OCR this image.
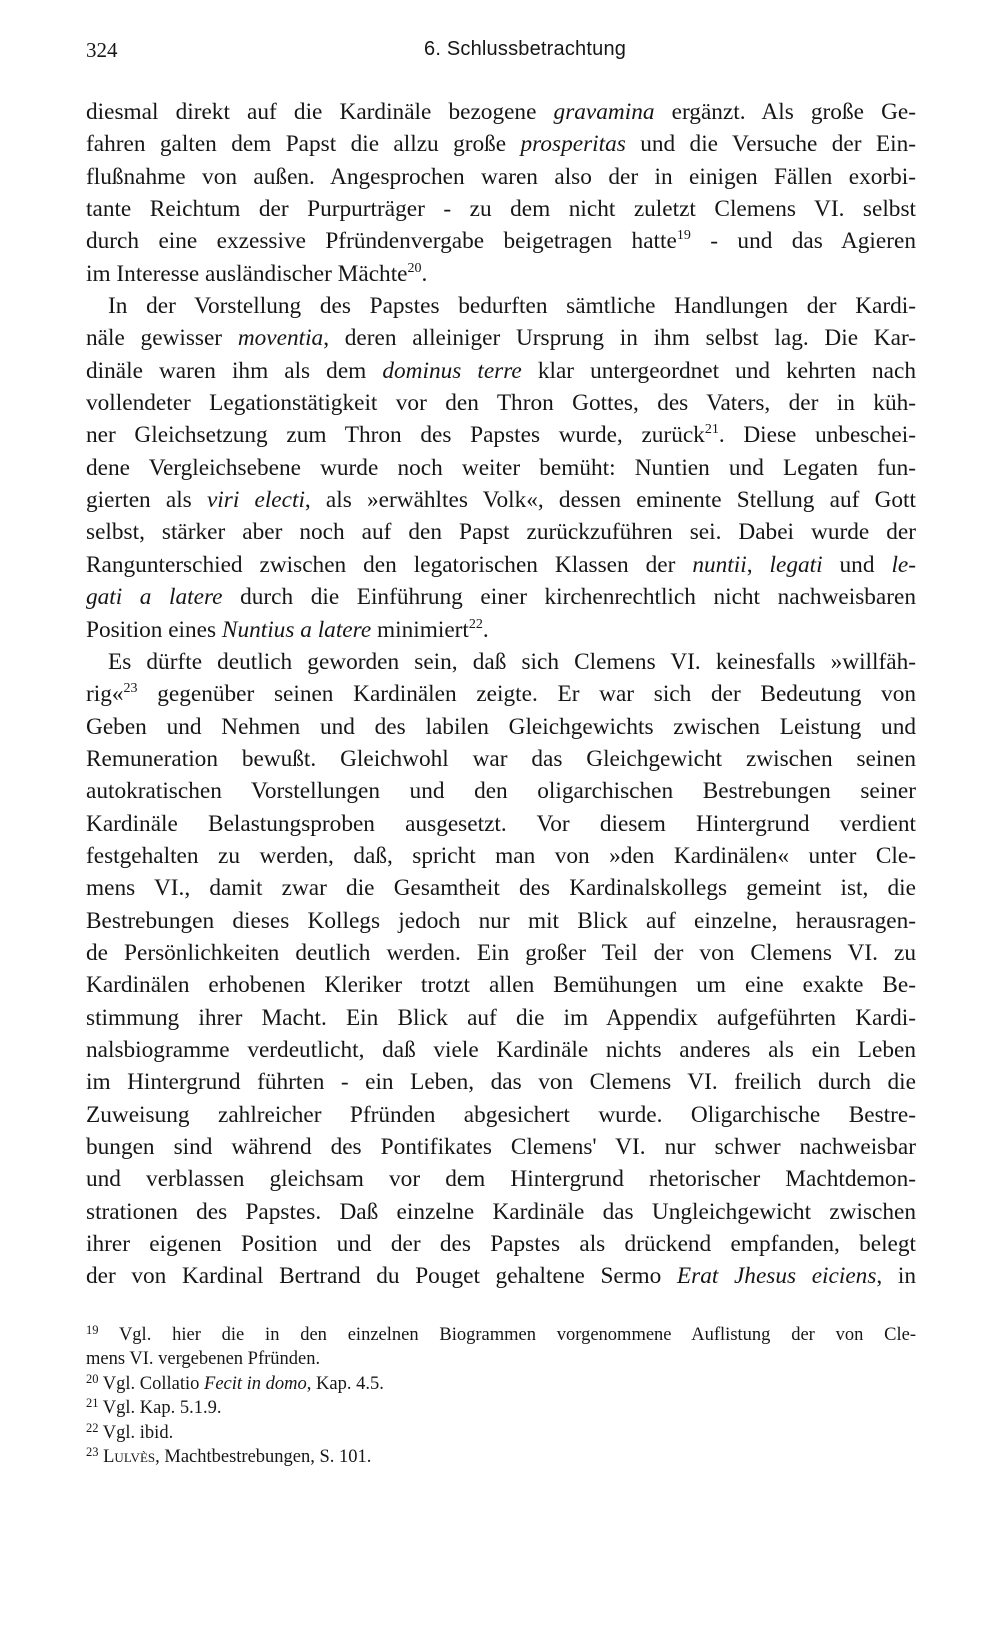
324	6. Schlussbetrachtung
diesmal direkt auf die Kardinäle bezogene gravamina ergänzt. Als große Ge-
fahren galten dem Papst die allzu große prosperitas und die Versuche der Ein-
flußnahme von außen. Angesprochen waren also der in einigen Fällen exorbi-
tante Reichtum der Purpurträger - zu dem nicht zuletzt Clemens VI. selbst
durch eine exzessive Pfründenvergabe beigetragen hatte$^{19}$ - und das Agieren
im Interesse ausländischer Mächte$^{20}$.
In der Vorstellung des Papstes bedurften sämtliche Handlungen der Kardi-
näle gewisser moventia, deren alleiniger Ursprung in ihm selbst lag. Die Kar-
dinäle waren ihm als dem dominus terre klar untergeordnet und kehrten nach
vollendeter Legationstätigkeit vor den Thron Gottes, des Vaters, der in küh-
ner Gleichsetzung zum Thron des Papstes wurde, zurück$^{21}$. Diese unbeschei-
dene Vergleichsebene wurde noch weiter bemüht: Nuntien und Legaten fun-
gierten als viri electi, als »erwähltes Volk«, dessen eminente Stellung auf Gott
selbst, stärker aber noch auf den Papst zurückzuführen sei. Dabei wurde der
Rangunterschied zwischen den legatorischen Klassen der nuntii, legati und le-
gati a latere durch die Einführung einer kirchenrechtlich nicht nachweisbaren
Position eines Nuntius a latere minimiert$^{22}$.
Es dürfte deutlich geworden sein, daß sich Clemens VI. keinesfalls »willfäh-
rig«$^{23}$ gegenüber seinen Kardinälen zeigte. Er war sich der Bedeutung von
Geben und Nehmen und des labilen Gleichgewichts zwischen Leistung und
Remuneration bewußt. Gleichwohl war das Gleichgewicht zwischen seinen
autokratischen Vorstellungen und den oligarchischen Bestrebungen seiner
Kardinäle Belastungsproben ausgesetzt. Vor diesem Hintergrund verdient
festgehalten zu werden, daß, spricht man von »den Kardinälen« unter Cle-
mens VI., damit zwar die Gesamtheit des Kardinalskollegs gemeint ist, die
Bestrebungen dieses Kollegs jedoch nur mit Blick auf einzelne, herausragen-
de Persönlichkeiten deutlich werden. Ein großer Teil der von Clemens VI. zu
Kardinälen erhobenen Kleriker trotzt allen Bemühungen um eine exakte Be-
stimmung ihrer Macht. Ein Blick auf die im Appendix aufgeführten Kardi-
nalsbiogramme verdeutlicht, daß viele Kardinäle nichts anderes als ein Leben
im Hintergrund führten - ein Leben, das von Clemens VI. freilich durch die
Zuweisung zahlreicher Pfründen abgesichert wurde. Oligarchische Bestre-
bungen sind während des Pontifikates Clemens' VI. nur schwer nachweisbar
und verblassen gleichsam vor dem Hintergrund rhetorischer Machtdemon-
strationen des Papstes. Daß einzelne Kardinäle das Ungleichgewicht zwischen
ihrer eigenen Position und der des Papstes als drückend empfanden, belegt
der von Kardinal Bertrand du Pouget gehaltene Sermo Erat Jhesus eiciens, in
$^{19}$ Vgl. hier die in den einzelnen Biogrammen vorgenommene Auflistung der von Cle-
mens VI. vergebenen Pfründen.
$^{20}$ Vgl. Collatio Fecit in domo, Kap. 4.5.
$^{21}$ Vgl. Kap. 5.1.9.
$^{22}$ Vgl. ibid.
$^{23}$ Lulvès, Machtbestrebungen, S. 101.
